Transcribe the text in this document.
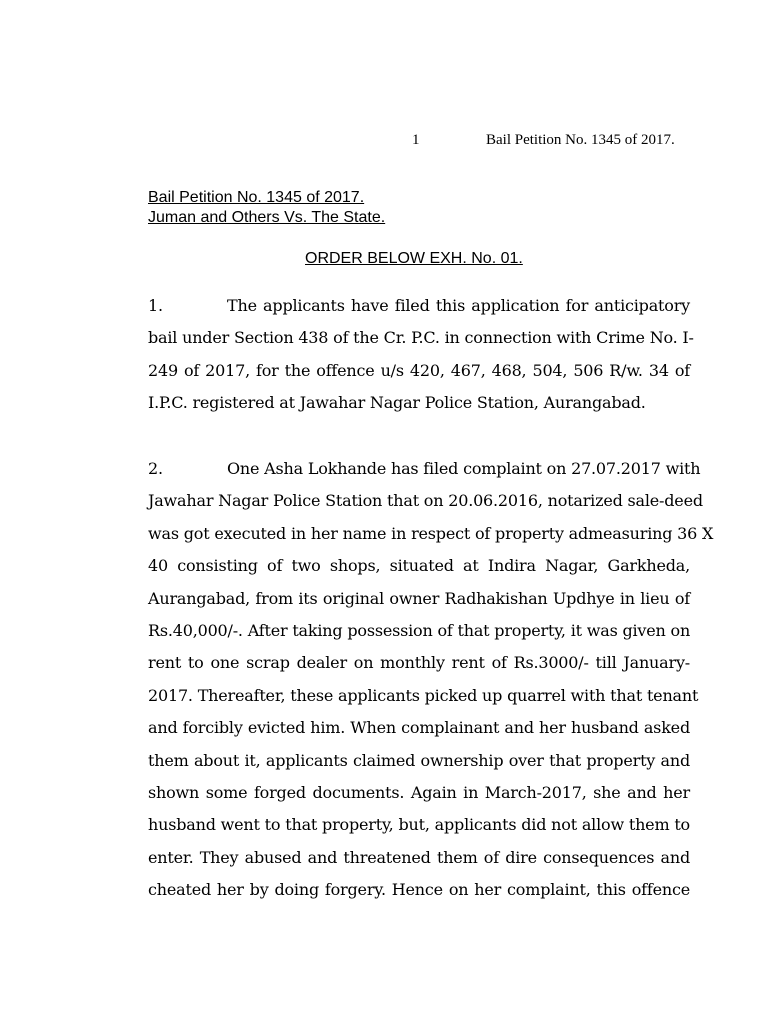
1	Bail Petition No. 1345 of 2017.
Bail Petition No. 1345 of 2017.
Juman and Others Vs. The State.
ORDER BELOW EXH. No. 01.
1.	The applicants have filed this application for anticipatory
bail under Section 438 of the Cr. P.C. in connection with Crime No. I-
249 of 2017, for the offence u/s 420, 467, 468, 504, 506 R/w. 34 of
I.P.C. registered at Jawahar Nagar Police Station, Aurangabad.
2.	One Asha Lokhande has filed complaint on 27.07.2017 with
Jawahar Nagar Police Station that on 20.06.2016, notarized sale-deed
was got executed in her name in respect of property admeasuring 36 X
40 consisting of two shops, situated at Indira Nagar, Garkheda,
Aurangabad, from its original owner Radhakishan Updhye in lieu of
Rs.40,000/-. After taking possession of that property, it was given on
rent to one scrap dealer on monthly rent of Rs.3000/- till January-
2017. Thereafter, these applicants picked up quarrel with that tenant
and forcibly evicted him. When complainant and her husband asked
them about it, applicants claimed ownership over that property and
shown some forged documents. Again in March-2017, she and her
husband went to that property, but, applicants did not allow them to
enter. They abused and threatened them of dire consequences and
cheated her by doing forgery. Hence on her complaint, this offence
